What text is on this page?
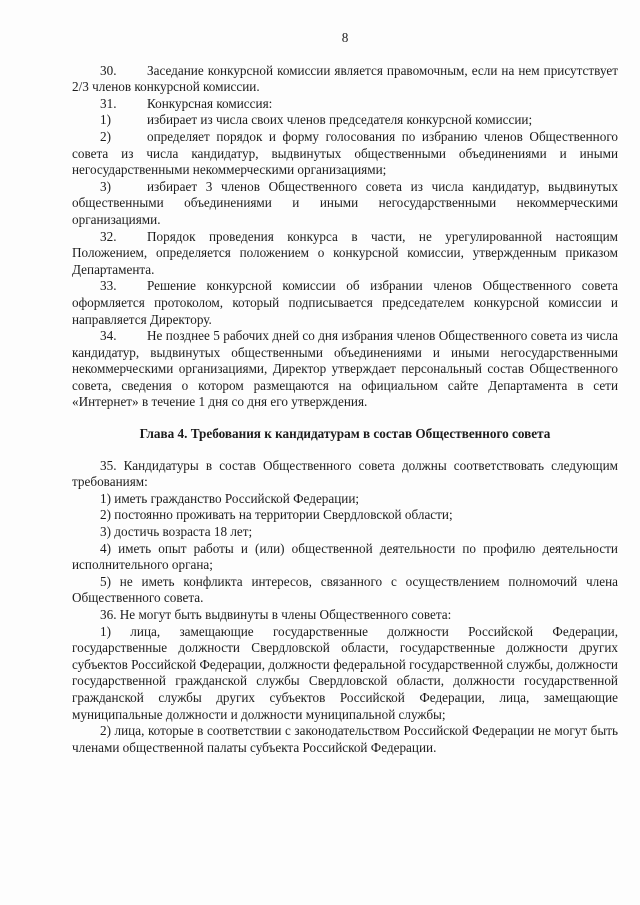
8

30. Заседание конкурсной комиссии является правомочным, если на нем присутствует 2/3 членов конкурсной комиссии.

31. Конкурсная комиссия:

1)	избирает из числа своих членов председателя конкурсной комиссии;

2)	определяет порядок и форму голосования по избранию членов Общественного совета из числа кандидатур, выдвинутых общественными объединениями и иными негосударственными некоммерческими организациями;

3)	избирает 3 членов Общественного совета из числа кандидатур, выдвинутых общественными объединениями и иными негосударственными некоммерческими организациями.

32. Порядок проведения конкурса в части, не урегулированной настоящим Положением, определяется положением о конкурсной комиссии, утвержденным приказом Департамента.

33. Решение конкурсной комиссии об избрании членов Общественного совета оформляется протоколом, который подписывается председателем конкурсной комиссии и направляется Директору.

34. Не позднее 5 рабочих дней со дня избрания членов Общественного совета из числа кандидатур, выдвинутых общественными объединениями и иными негосударственными некоммерческими организациями, Директор утверждает персональный состав Общественного совета, сведения о котором размещаются на официальном сайте Департамента в сети «Интернет» в течение 1 дня со дня его утверждения.

Глава 4. Требования к кандидатурам в состав Общественного совета

35. Кандидатуры в состав Общественного совета должны соответствовать следующим требованиям:

1) иметь гражданство Российской Федерации;

2) постоянно проживать на территории Свердловской области;

3) достичь возраста 18 лет;

4) иметь опыт работы и (или) общественной деятельности по профилю деятельности исполнительного органа;

5) не иметь конфликта интересов, связанного с осуществлением полномочий члена Общественного совета.

36. Не могут быть выдвинуты в члены Общественного совета:

1) лица, замещающие государственные должности Российской Федерации, государственные должности Свердловской области, государственные должности других субъектов Российской Федерации, должности федеральной государственной службы, должности государственной гражданской службы Свердловской области, должности государственной гражданской службы других субъектов Российской Федерации, лица, замещающие муниципальные должности и должности муниципальной службы;

2) лица, которые в соответствии с законодательством Российской Федерации не могут быть членами общественной палаты субъекта Российской Федерации.
